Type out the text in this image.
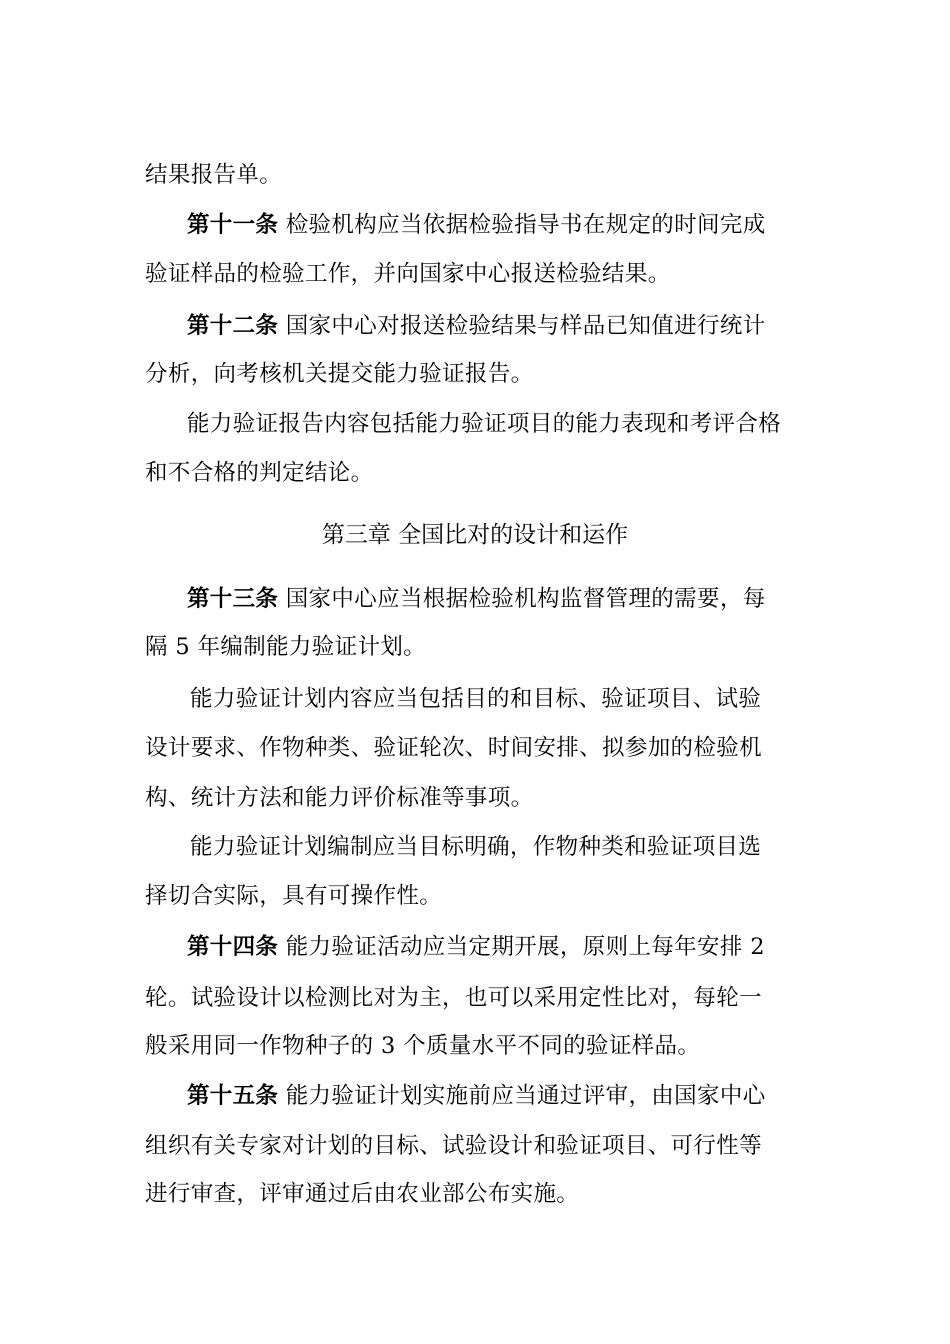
结果报告单。
第十一条 检验机构应当依据检验指导书在规定的时间完成
验证样品的检验工作，并向国家中心报送检验结果。
第十二条 国家中心对报送检验结果与样品已知值进行统计
分析，向考核机关提交能力验证报告。
能力验证报告内容包括能力验证项目的能力表现和考评合格
和不合格的判定结论。
第三章 全国比对的设计和运作
第十三条 国家中心应当根据检验机构监督管理的需要，每
隔 5 年编制能力验证计划。
能力验证计划内容应当包括目的和目标、验证项目、试验
设计要求、作物种类、验证轮次、时间安排、拟参加的检验机
构、统计方法和能力评价标准等事项。
能力验证计划编制应当目标明确，作物种类和验证项目选
择切合实际，具有可操作性。
第十四条 能力验证活动应当定期开展，原则上每年安排 2
轮。试验设计以检测比对为主，也可以采用定性比对，每轮一
般采用同一作物种子的 3 个质量水平不同的验证样品。
第十五条 能力验证计划实施前应当通过评审，由国家中心
组织有关专家对计划的目标、试验设计和验证项目、可行性等
进行审查，评审通过后由农业部公布实施。
